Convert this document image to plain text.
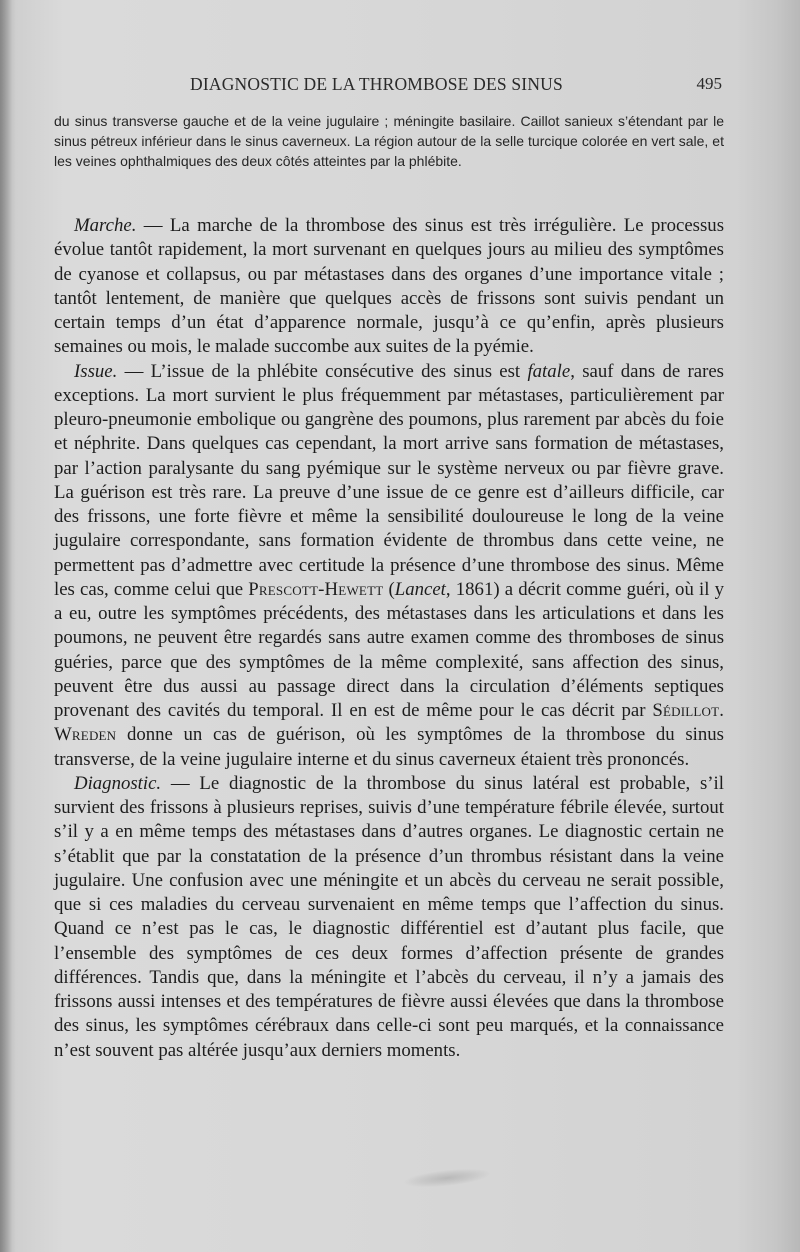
DIAGNOSTIC DE LA THROMBOSE DES SINUS	495

du sinus transverse gauche et de la veine jugulaire ; méningite basilaire. Caillot sanieux s’étendant par le sinus pétreux inférieur dans le sinus caverneux. La région autour de la selle turcique colorée en vert sale, et les veines ophthalmiques des deux côtés atteintes par la phlébite.

Marche. — La marche de la thrombose des sinus est très irrégulière. Le processus évolue tantôt rapidement, la mort survenant en quelques jours au milieu des symptômes de cyanose et collapsus, ou par métastases dans des organes d’une importance vitale ; tantôt lentement, de manière que quelques accès de frissons sont suivis pendant un certain temps d’un état d’apparence normale, jusqu’à ce qu’enfin, après plusieurs semaines ou mois, le malade succombe aux suites de la pyémie.

Issue. — L’issue de la phlébite consécutive des sinus est fatale, sauf dans de rares exceptions. La mort survient le plus fréquemment par métastases, particulièrement par pleuro-pneumonie embolique ou gangrène des poumons, plus rarement par abcès du foie et néphrite. Dans quelques cas cependant, la mort arrive sans formation de métastases, par l’action paralysante du sang pyémique sur le système nerveux ou par fièvre grave. La guérison est très rare. La preuve d’une issue de ce genre est d’ailleurs difficile, car des frissons, une forte fièvre et même la sensibilité douloureuse le long de la veine jugulaire correspondante, sans formation évidente de thrombus dans cette veine, ne permettent pas d’admettre avec certitude la présence d’une thrombose des sinus. Même les cas, comme celui que Prescott-Hewett (Lancet, 1861) a décrit comme guéri, où il y a eu, outre les symptômes précédents, des métastases dans les articulations et dans les poumons, ne peuvent être regardés sans autre examen comme des thromboses de sinus guéries, parce que des symptômes de la même complexité, sans affection des sinus, peuvent être dus aussi au passage direct dans la circulation d’éléments septiques provenant des cavités du temporal. Il en est de même pour le cas décrit par Sédillot. Wreden donne un cas de guérison, où les symptômes de la thrombose du sinus transverse, de la veine jugulaire interne et du sinus caverneux étaient très prononcés.

Diagnostic. — Le diagnostic de la thrombose du sinus latéral est probable, s’il survient des frissons à plusieurs reprises, suivis d’une température fébrile élevée, surtout s’il y a en même temps des métastases dans d’autres organes. Le diagnostic certain ne s’établit que par la constatation de la présence d’un thrombus résistant dans la veine jugulaire. Une confusion avec une méningite et un abcès du cerveau ne serait possible, que si ces maladies du cerveau survenaient en même temps que l’affection du sinus. Quand ce n’est pas le cas, le diagnostic différentiel est d’autant plus facile, que l’ensemble des symptômes de ces deux formes d’affection présente de grandes différences. Tandis que, dans la méningite et l’abcès du cerveau, il n’y a jamais des frissons aussi intenses et des températures de fièvre aussi élevées que dans la thrombose des sinus, les symptômes cérébraux dans celle-ci sont peu marqués, et la connaissance n’est souvent pas altérée jusqu’aux derniers moments.
